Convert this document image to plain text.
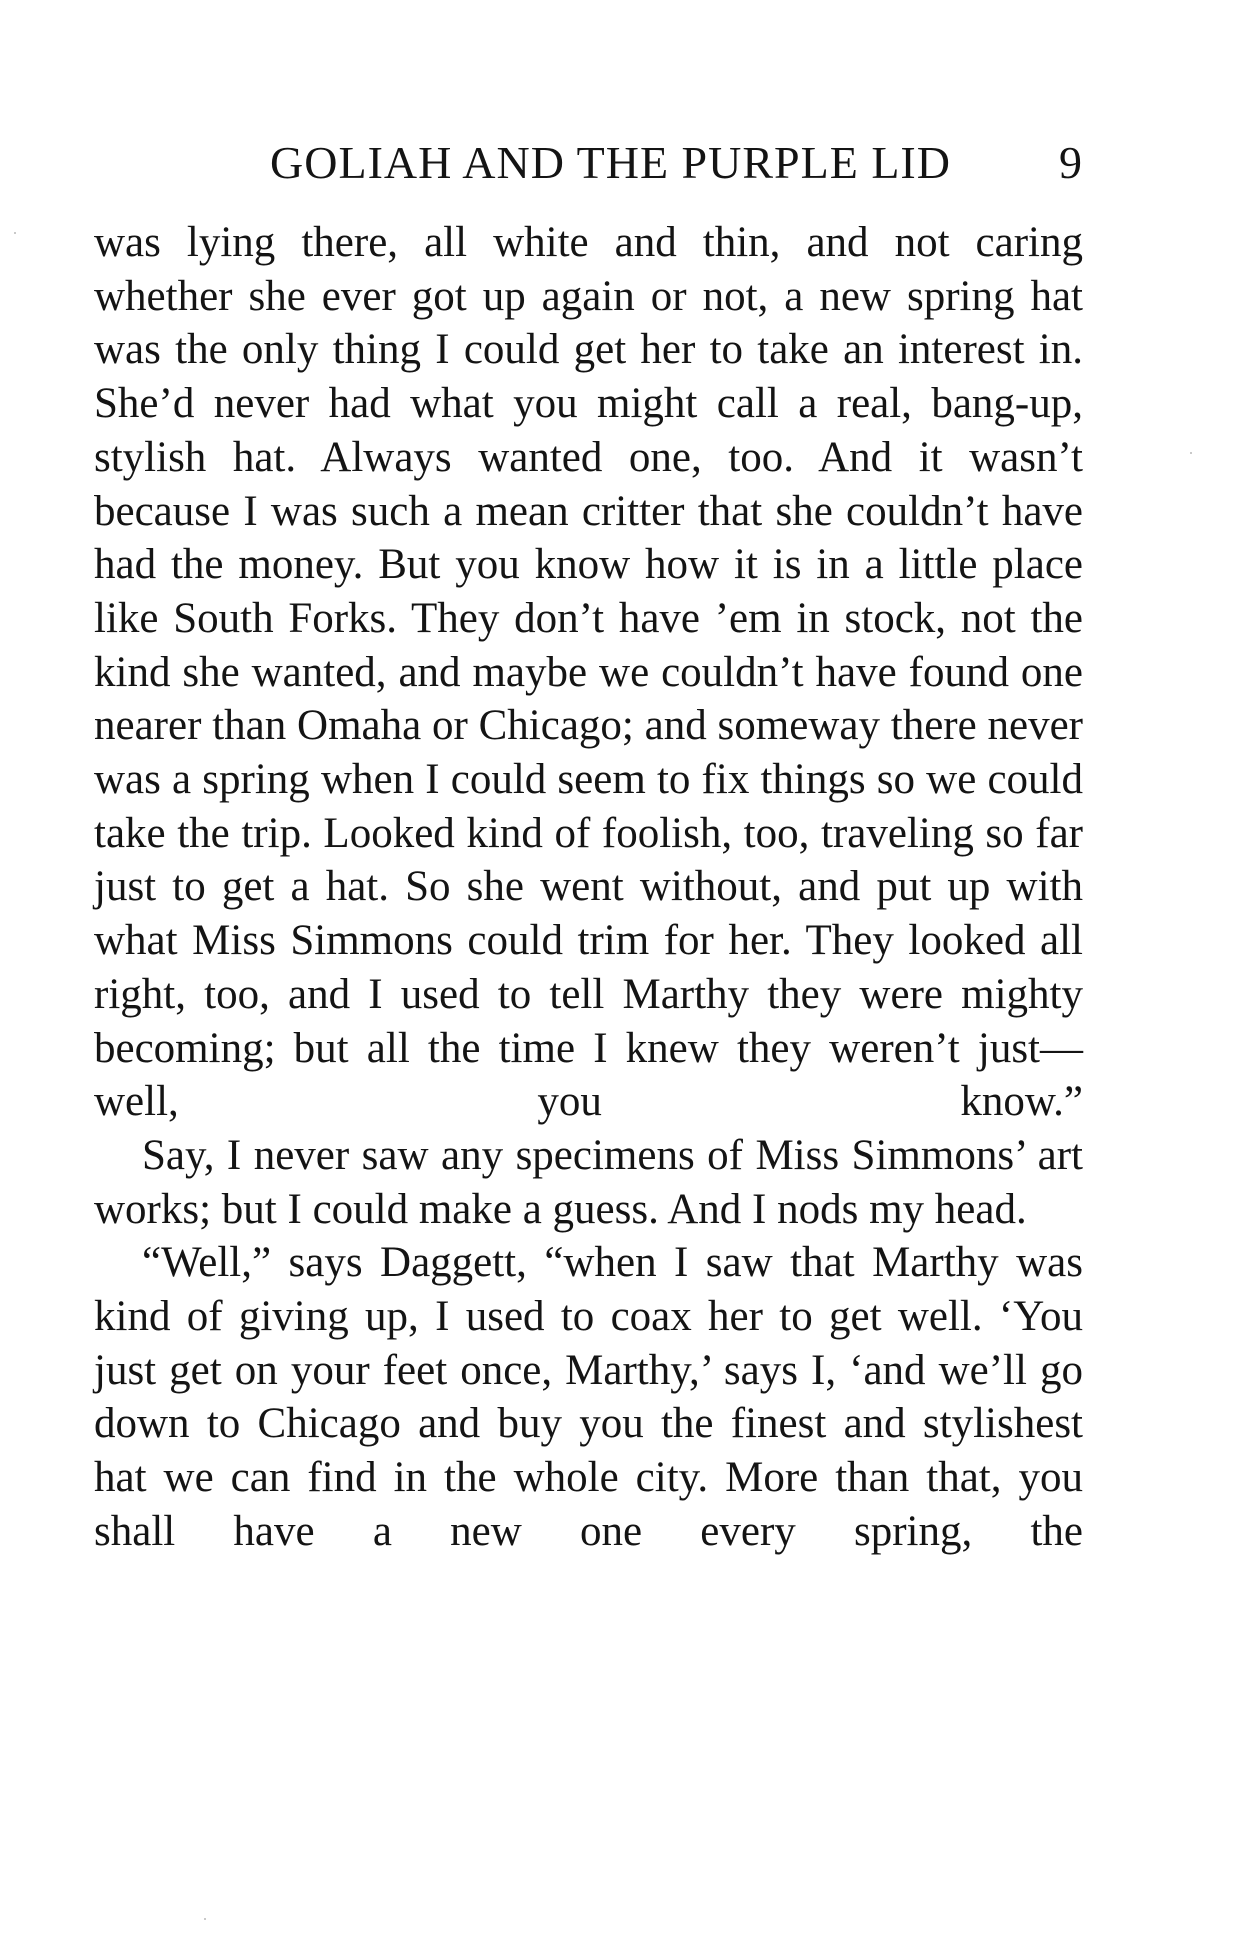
GOLIAH AND THE PURPLE LID	9

was lying there, all white and thin, and not caring whether she ever got up again or not, a new spring hat was the only thing I could get her to take an interest in. She’d never had what you might call a real, bang-up, stylish hat. Always wanted one, too. And it wasn’t because I was such a mean critter that she couldn’t have had the money. But you know how it is in a little place like South Forks. They don’t have ’em in stock, not the kind she wanted, and maybe we couldn’t have found one nearer than Omaha or Chicago; and someway there never was a spring when I could seem to fix things so we could take the trip. Looked kind of foolish, too, traveling so far just to get a hat. So she went without, and put up with what Miss Simmons could trim for her. They looked all right, too, and I used to tell Marthy they were mighty becoming; but all the time I knew they weren’t just—well, you know.”

Say, I never saw any specimens of Miss Simmons’ art works; but I could make a guess. And I nods my head.

“Well,” says Daggett, “when I saw that Marthy was kind of giving up, I used to coax her to get well. ‘You just get on your feet once, Marthy,’ says I, ‘and we’ll go down to Chicago and buy you the finest and stylishest hat we can find in the whole city. More than that, you shall have a new one every spring, the
